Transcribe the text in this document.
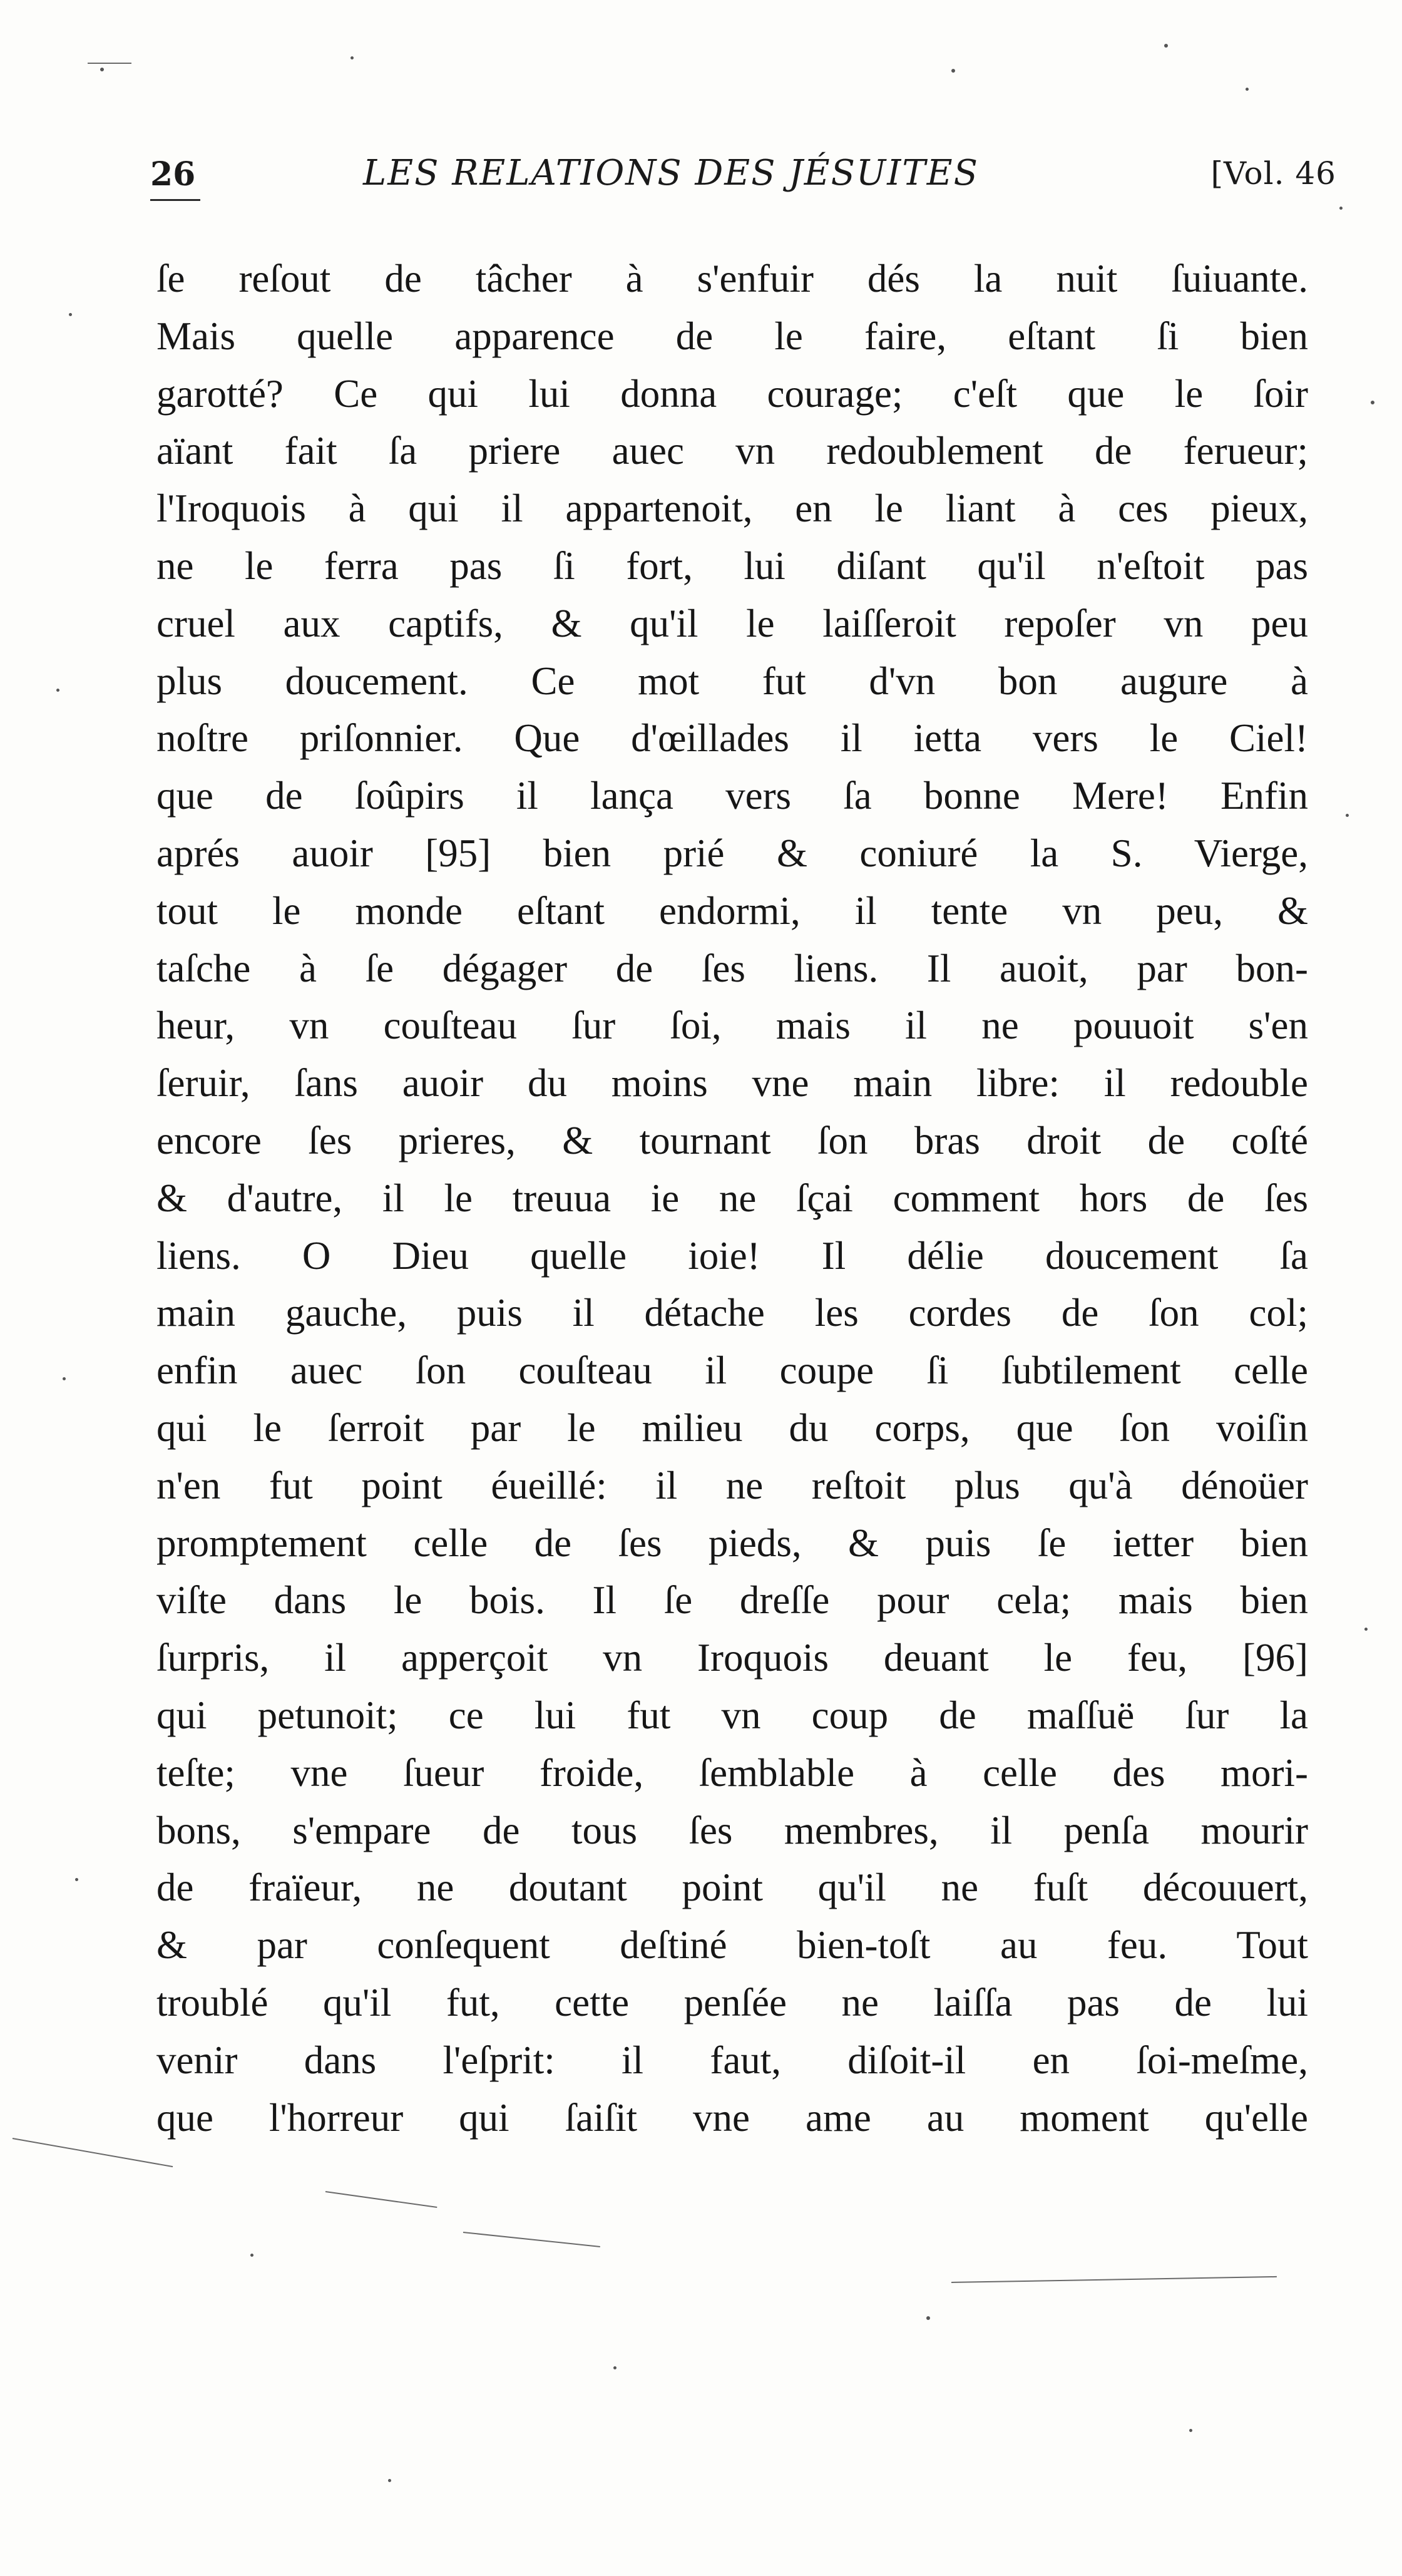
26	LES RELATIONS DES JÉSUITES	[Vol. 46
ſe reſout de tâcher à s'enfuir dés la nuit ſuiuante.
Mais quelle apparence de le faire, eſtant ſi bien
garotté? Ce qui lui donna courage; c'eſt que le ſoir
aïant fait ſa priere auec vn redoublement de ferueur;
l'Iroquois à qui il appartenoit, en le liant à ces pieux,
ne le ferra pas ſi fort, lui diſant qu'il n'eſtoit pas
cruel aux captifs, & qu'il le laiſſeroit repoſer vn peu
plus doucement. Ce mot fut d'vn bon augure à
noſtre priſonnier. Que d'œillades il ietta vers le Ciel!
que de ſoûpirs il lança vers ſa bonne Mere! Enfin
aprés auoir [95] bien prié & coniuré la S. Vierge,
tout le monde eſtant endormi, il tente vn peu, &
taſche à ſe dégager de ſes liens. Il auoit, par bon-
heur, vn couſteau ſur ſoi, mais il ne pouuoit s'en
ſeruir, ſans auoir du moins vne main libre: il redouble
encore ſes prieres, & tournant ſon bras droit de coſté
& d'autre, il le treuua ie ne ſçai comment hors de ſes
liens. O Dieu quelle ioie! Il délie doucement ſa
main gauche, puis il détache les cordes de ſon col;
enfin auec ſon couſteau il coupe ſi ſubtilement celle
qui le ſerroit par le milieu du corps, que ſon voiſin
n'en fut point éueillé: il ne reſtoit plus qu'à dénoüer
promptement celle de ſes pieds, & puis ſe ietter bien
viſte dans le bois. Il ſe dreſſe pour cela; mais bien
ſurpris, il apperçoit vn Iroquois deuant le feu, [96]
qui petunoit; ce lui fut vn coup de maſſuë ſur la
teſte; vne ſueur froide, ſemblable à celle des mori-
bons, s'empare de tous ſes membres, il penſa mourir
de fraïeur, ne doutant point qu'il ne fuſt découuert,
& par conſequent deſtiné bien-toſt au feu. Tout
troublé qu'il fut, cette penſée ne laiſſa pas de lui
venir dans l'eſprit: il faut, diſoit-il en ſoi-meſme,
que l'horreur qui ſaiſit vne ame au moment qu'elle
